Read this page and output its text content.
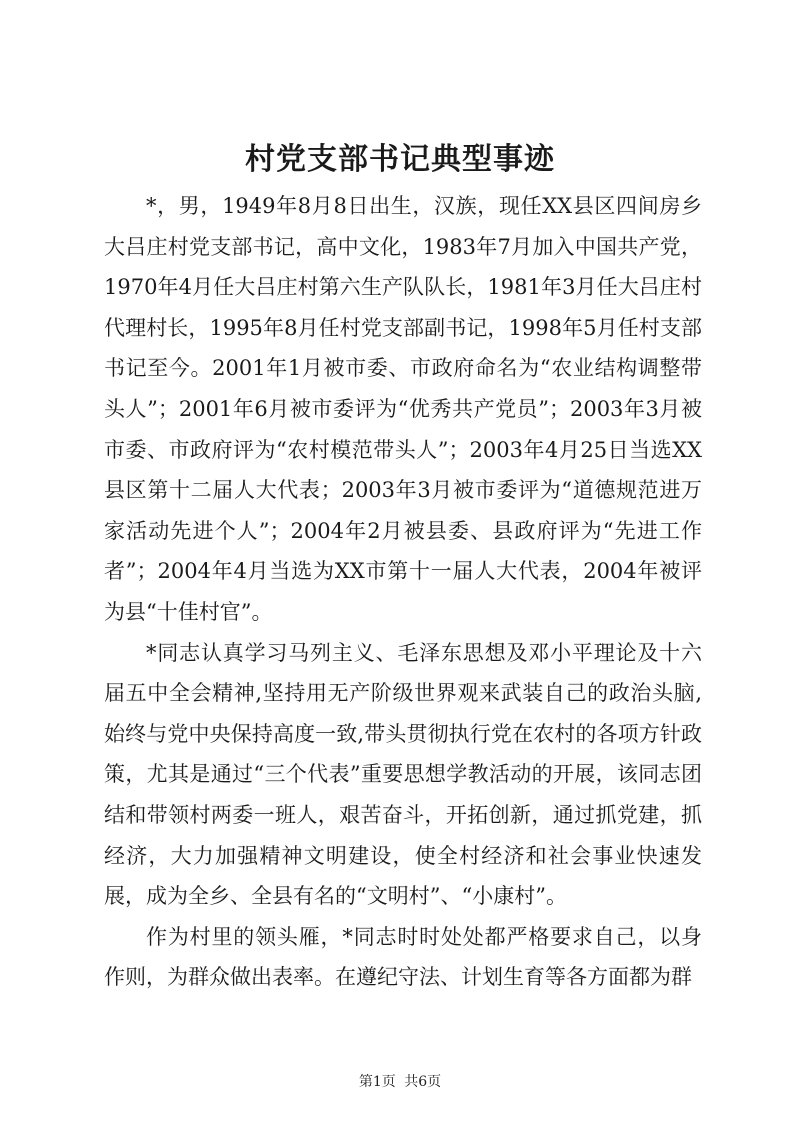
村党支部书记典型事迹

*，男，1949年8月8日出生，汉族，现任XX县区四间房乡大吕庄村党支部书记，高中文化，1983年7月加入中国共产党，1970年4月任大吕庄村第六生产队队长，1981年3月任大吕庄村代理村长，1995年8月任村党支部副书记，1998年5月任村支部书记至今。2001年1月被市委、市政府命名为“农业结构调整带头人”；2001年6月被市委评为“优秀共产党员”；2003年3月被市委、市政府评为“农村模范带头人”；2003年4月25日当选XX县区第十二届人大代表；2003年3月被市委评为“道德规范进万家活动先进个人”；2004年2月被县委、县政府评为“先进工作者”；2004年4月当选为XX市第十一届人大代表，2004年被评为县“十佳村官”。

*同志认真学习马列主义、毛泽东思想及邓小平理论及十六届五中全会精神,坚持用无产阶级世界观来武装自己的政治头脑,始终与党中央保持高度一致,带头贯彻执行党在农村的各项方针政策，尤其是通过“三个代表”重要思想学教活动的开展，该同志团结和带领村两委一班人，艰苦奋斗，开拓创新，通过抓党建，抓经济，大力加强精神文明建设，使全村经济和社会事业快速发展，成为全乡、全县有名的“文明村”、“小康村”。

作为村里的领头雁，*同志时时处处都严格要求自己，以身作则，为群众做出表率。在遵纪守法、计划生育等各方面都为群

第1页 共6页
